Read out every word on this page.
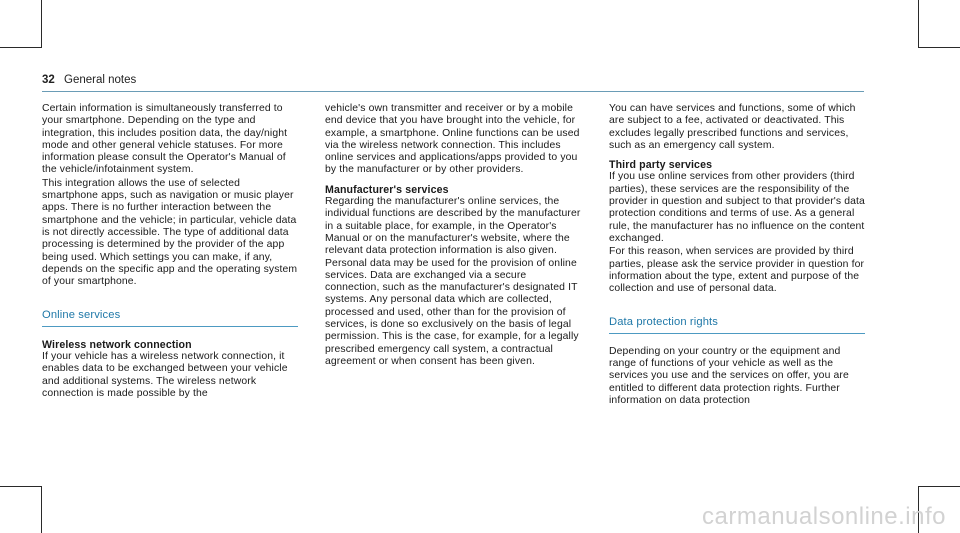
32 General notes

Certain information is simultaneously transferred to your smartphone. Depending on the type and integration, this includes position data, the day/night mode and other general vehicle statuses. For more information please consult the Operator's Manual of the vehicle/infotainment system.

This integration allows the use of selected smartphone apps, such as navigation or music player apps. There is no further interaction between the smartphone and the vehicle; in particular, vehicle data is not directly accessible. The type of additional data processing is determined by the provider of the app being used. Which settings you can make, if any, depends on the specific app and the operating system of your smartphone.

Online services

Wireless network connection

If your vehicle has a wireless network connection, it enables data to be exchanged between your vehicle and additional systems. The wireless network connection is made possible by the

vehicle's own transmitter and receiver or by a mobile end device that you have brought into the vehicle, for example, a smartphone. Online functions can be used via the wireless network connection. This includes online services and applications/apps provided to you by the manufacturer or by other providers.

Manufacturer's services

Regarding the manufacturer's online services, the individual functions are described by the manufacturer in a suitable place, for example, in the Operator's Manual or on the manufacturer's website, where the relevant data protection information is also given. Personal data may be used for the provision of online services. Data are exchanged via a secure connection, such as the manufacturer's designated IT systems. Any personal data which are collected, processed and used, other than for the provision of services, is done so exclusively on the basis of legal permission. This is the case, for example, for a legally prescribed emergency call system, a contractual agreement or when consent has been given.

You can have services and functions, some of which are subject to a fee, activated or deactivated. This excludes legally prescribed functions and services, such as an emergency call system.

Third party services

If you use online services from other providers (third parties), these services are the responsibility of the provider in question and subject to that provider's data protection conditions and terms of use. As a general rule, the manufacturer has no influence on the content exchanged.

For this reason, when services are provided by third parties, please ask the service provider in question for information about the type, extent and purpose of the collection and use of personal data.

Data protection rights

Depending on your country or the equipment and range of functions of your vehicle as well as the services you use and the services on offer, you are entitled to different data protection rights. Further information on data protection

carmanualsonline.info
